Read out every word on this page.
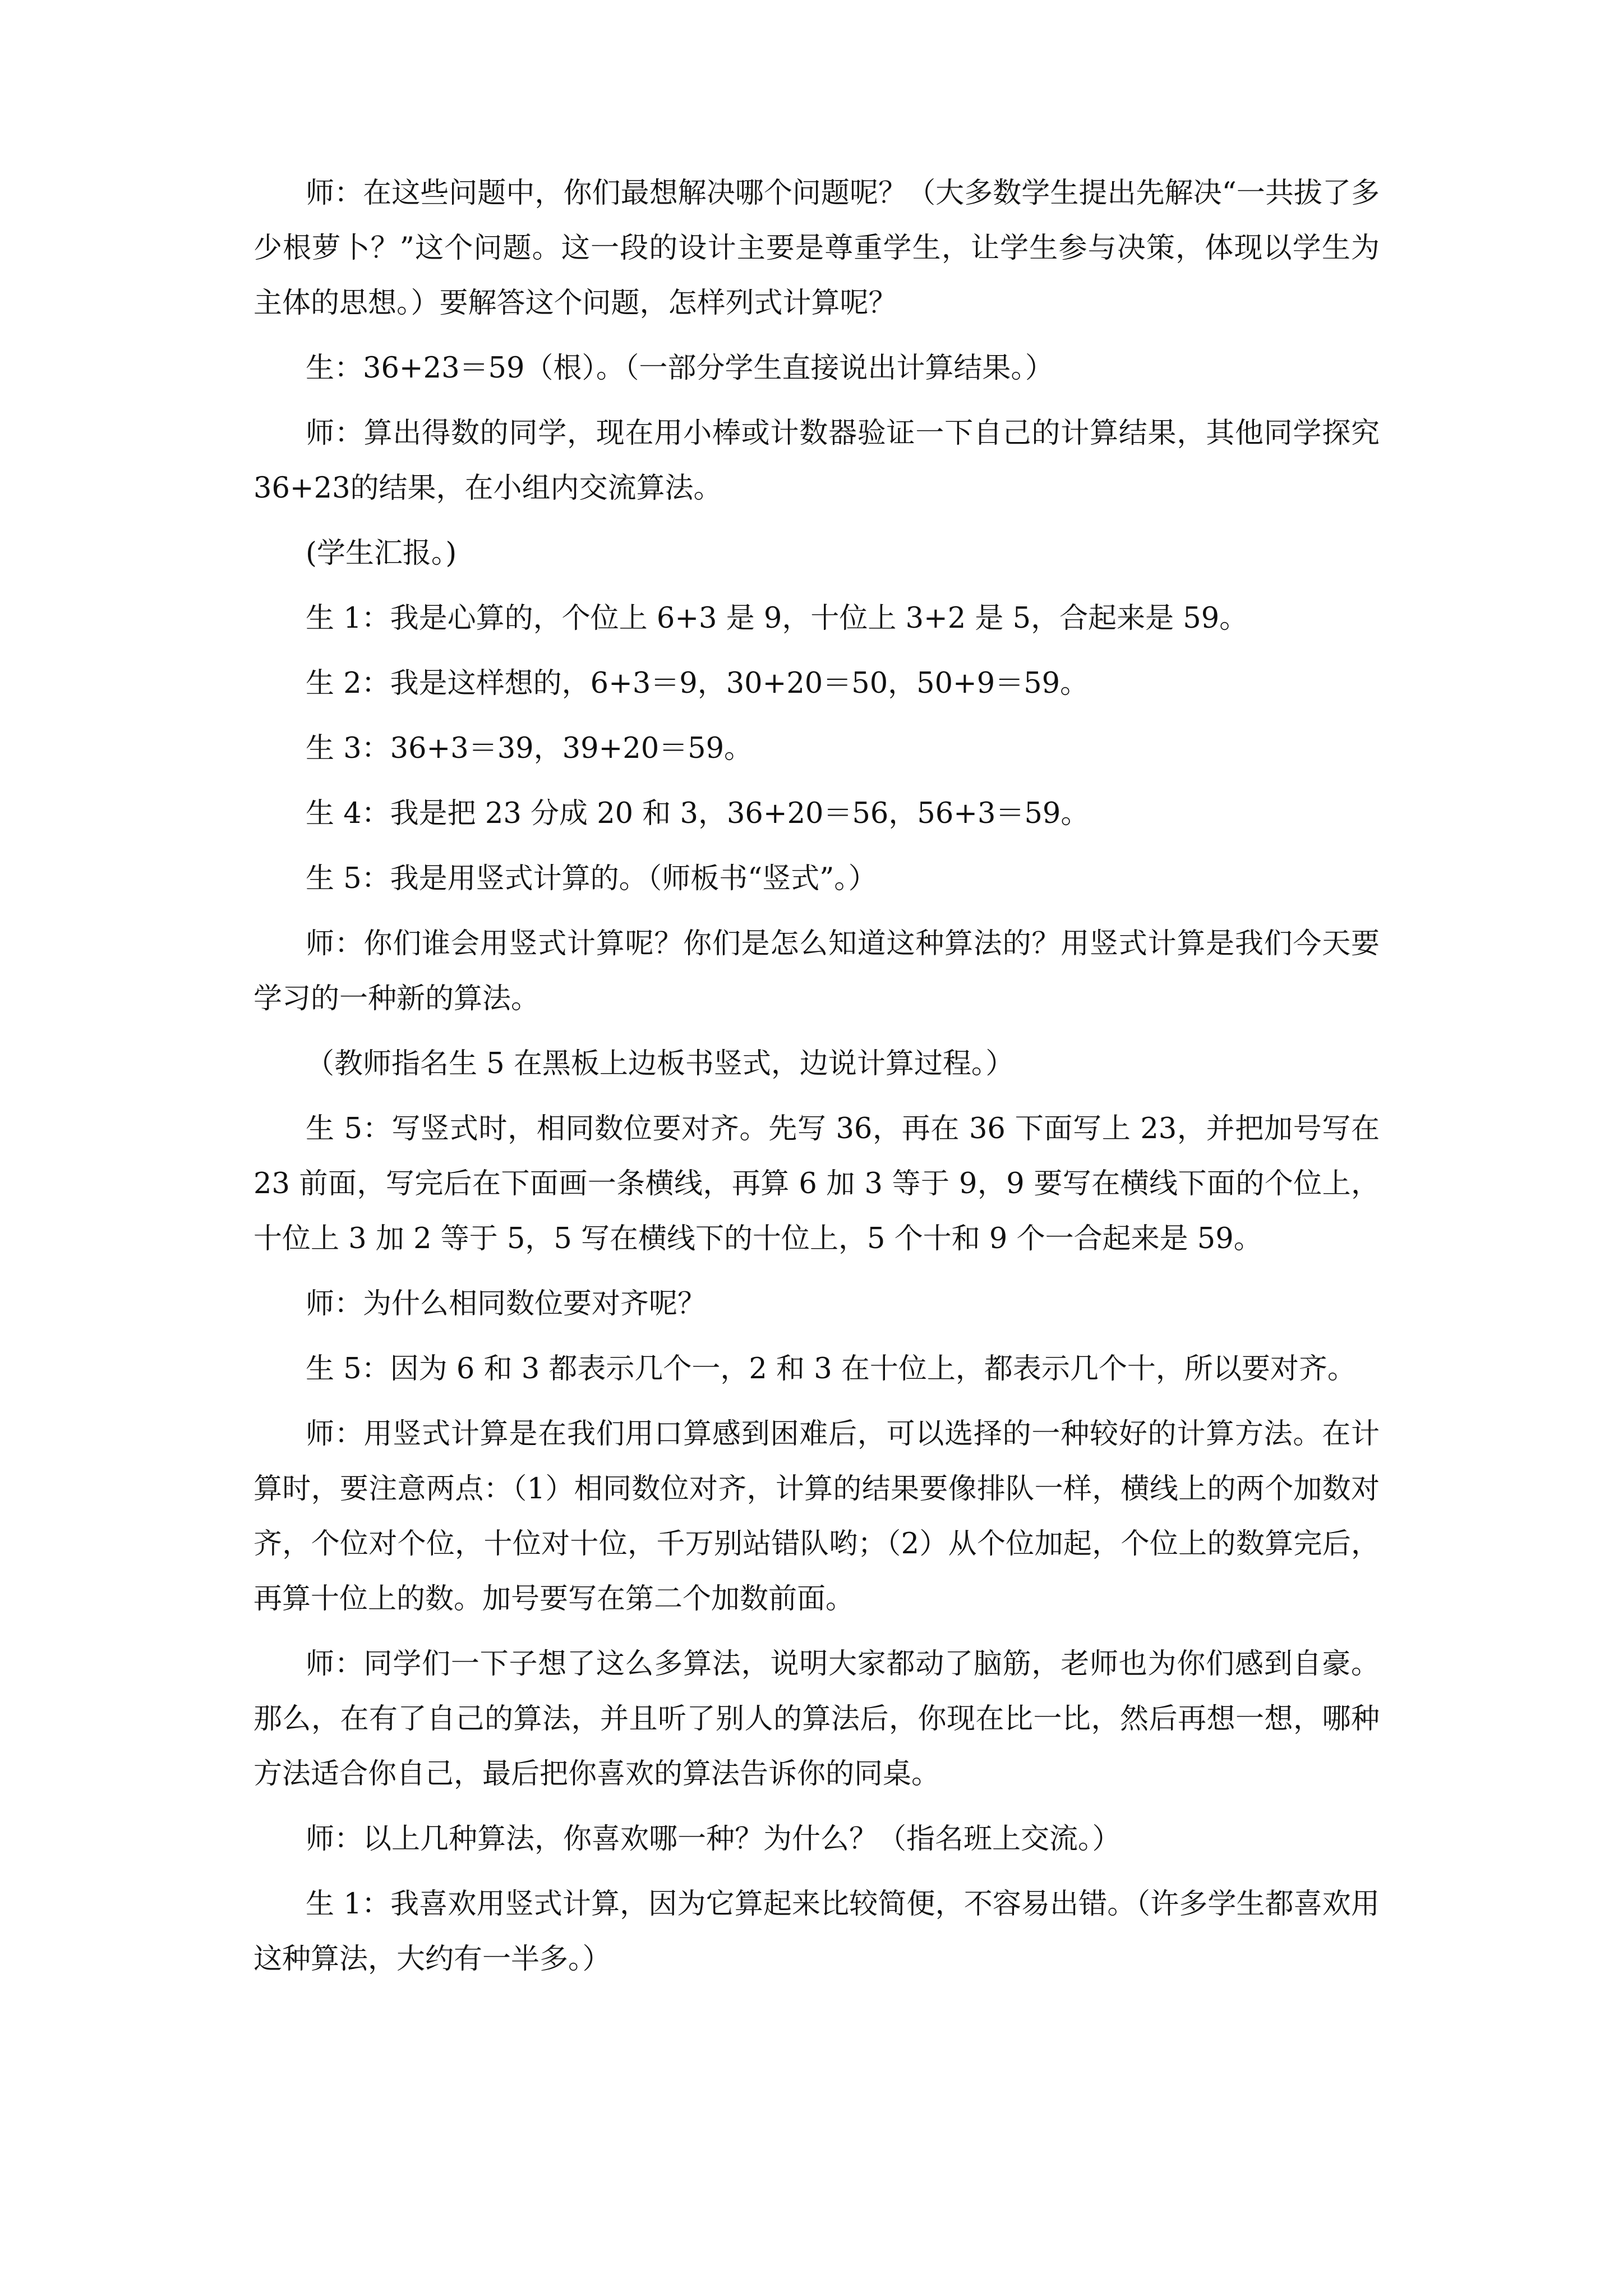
师：在这些问题中，你们最想解决哪个问题呢？（大多数学生提出先解决“一共拔了多少根萝卜？”这个问题。这一段的设计主要是尊重学生，让学生参与决策，体现以学生为主体的思想。）要解答这个问题，怎样列式计算呢？

生：36+23＝59（根）。（一部分学生直接说出计算结果。）

师：算出得数的同学，现在用小棒或计数器验证一下自己的计算结果，其他同学探究36+23的结果，在小组内交流算法。

(学生汇报。)

生 1：我是心算的，个位上 6+3 是 9，十位上 3+2 是 5，合起来是 59。

生 2：我是这样想的，6+3＝9，30+20＝50，50+9＝59。

生 3：36+3＝39，39+20＝59。

生 4：我是把 23 分成 20 和 3，36+20＝56，56+3＝59。

生 5：我是用竖式计算的。（师板书“竖式”。）

师：你们谁会用竖式计算呢？你们是怎么知道这种算法的？用竖式计算是我们今天要学习的一种新的算法。

（教师指名生 5 在黑板上边板书竖式，边说计算过程。）

生 5：写竖式时，相同数位要对齐。先写 36，再在 36 下面写上 23，并把加号写在 23 前面，写完后在下面画一条横线，再算 6 加 3 等于 9，9 要写在横线下面的个位上，十位上 3 加 2 等于 5，5 写在横线下的十位上，5 个十和 9 个一合起来是 59。

师：为什么相同数位要对齐呢？

生 5：因为 6 和 3 都表示几个一，2 和 3 在十位上，都表示几个十，所以要对齐。

师：用竖式计算是在我们用口算感到困难后，可以选择的一种较好的计算方法。在计算时，要注意两点：（1）相同数位对齐，计算的结果要像排队一样，横线上的两个加数对齐，个位对个位，十位对十位，千万别站错队哟；（2）从个位加起，个位上的数算完后，再算十位上的数。加号要写在第二个加数前面。

师：同学们一下子想了这么多算法，说明大家都动了脑筋，老师也为你们感到自豪。那么，在有了自己的算法，并且听了别人的算法后，你现在比一比，然后再想一想，哪种方法适合你自己，最后把你喜欢的算法告诉你的同桌。

师：以上几种算法，你喜欢哪一种？为什么？（指名班上交流。）

生 1：我喜欢用竖式计算，因为它算起来比较简便，不容易出错。（许多学生都喜欢用这种算法，大约有一半多。）
